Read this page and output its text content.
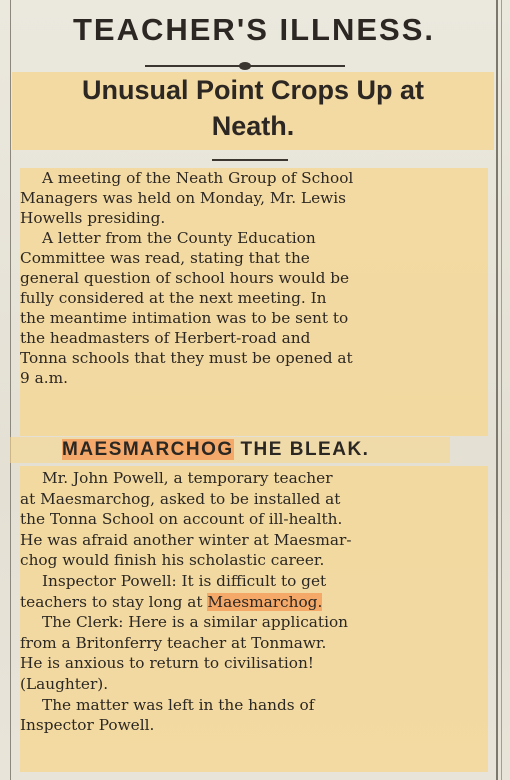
TEACHER'S ILLNESS.
Unusual Point Crops Up at
Neath.
A meeting of the Neath Group of School
Managers was held on Monday, Mr. Lewis
Howells presiding.
A letter from the County Education
Committee was read, stating that the
general question of school hours would be
fully considered at the next meeting. In
the meantime intimation was to be sent to
the headmasters of Herbert-road and
Tonna schools that they must be opened at
9 a.m.
MAESMARCHOG THE BLEAK.
Mr. John Powell, a temporary teacher
at Maesmarchog, asked to be installed at
the Tonna School on account of ill-health.
He was afraid another winter at Maesmar-
chog would finish his scholastic career.
Inspector Powell: It is difficult to get
teachers to stay long at Maesmarchog.
The Clerk: Here is a similar application
from a Britonferry teacher at Tonmawr.
He is anxious to return to civilisation!
(Laughter).
The matter was left in the hands of
Inspector Powell.
